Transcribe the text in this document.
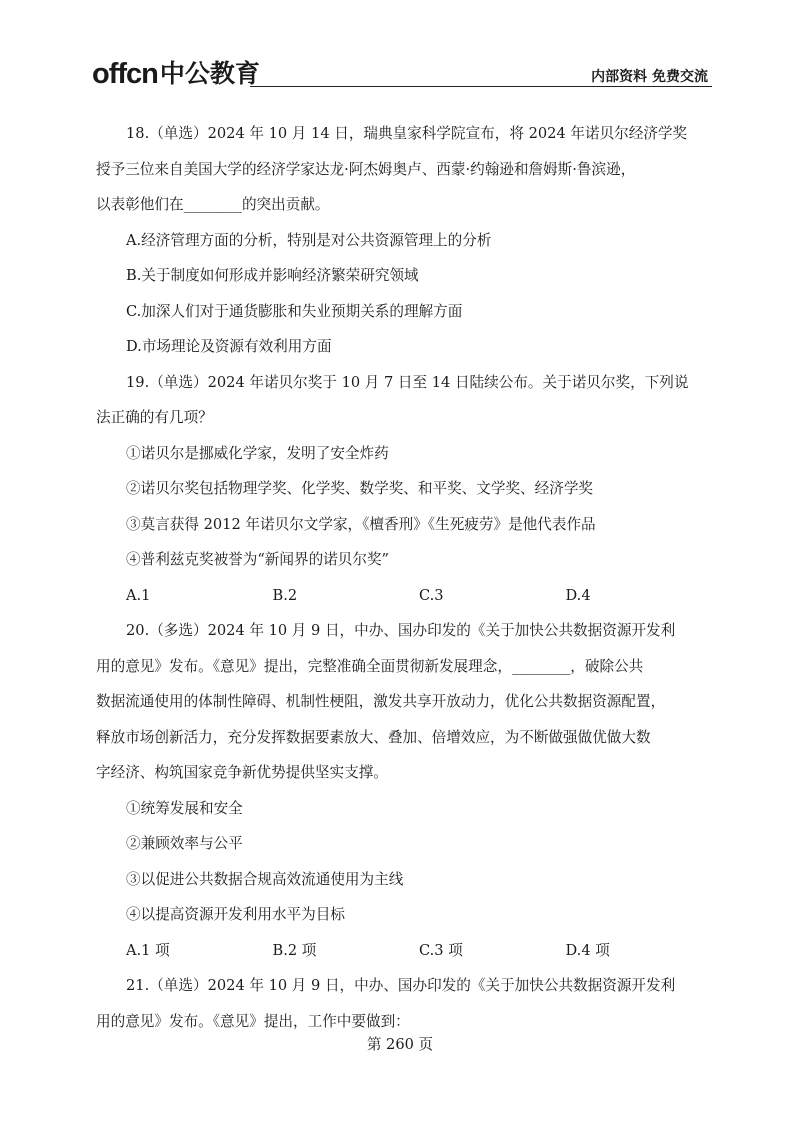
offcn 中公教育	内部资料 免费交流

18.（单选）2024 年 10 月 14 日，瑞典皇家科学院宣布，将 2024 年诺贝尔经济学奖

授予三位来自美国大学的经济学家达龙·阿杰姆奥卢、西蒙·约翰逊和詹姆斯·鲁滨逊，

以表彰他们在________的突出贡献。

A.经济管理方面的分析，特别是对公共资源管理上的分析

B.关于制度如何形成并影响经济繁荣研究领域

C.加深人们对于通货膨胀和失业预期关系的理解方面

D.市场理论及资源有效利用方面

19.（单选）2024 年诺贝尔奖于 10 月 7 日至 14 日陆续公布。关于诺贝尔奖，下列说

法正确的有几项？

①诺贝尔是挪威化学家，发明了安全炸药

②诺贝尔奖包括物理学奖、化学奖、数学奖、和平奖、文学奖、经济学奖

③莫言获得 2012 年诺贝尔文学家，《檀香刑》《生死疲劳》是他代表作品

④普利兹克奖被誉为“新闻界的诺贝尔奖”

A.1	B.2	C.3	D.4

20.（多选）2024 年 10 月 9 日，中办、国办印发的《关于加快公共数据资源开发利

用的意见》发布。《意见》提出，完整准确全面贯彻新发展理念，________，破除公共

数据流通使用的体制性障碍、机制性梗阻，激发共享开放动力，优化公共数据资源配置，

释放市场创新活力，充分发挥数据要素放大、叠加、倍增效应，为不断做强做优做大数

字经济、构筑国家竞争新优势提供坚实支撑。

①统筹发展和安全

②兼顾效率与公平

③以促进公共数据合规高效流通使用为主线

④以提高资源开发利用水平为目标

A.1 项	B.2 项	C.3 项	D.4 项

21.（单选）2024 年 10 月 9 日，中办、国办印发的《关于加快公共数据资源开发利

用的意见》发布。《意见》提出，工作中要做到：

第 260 页
